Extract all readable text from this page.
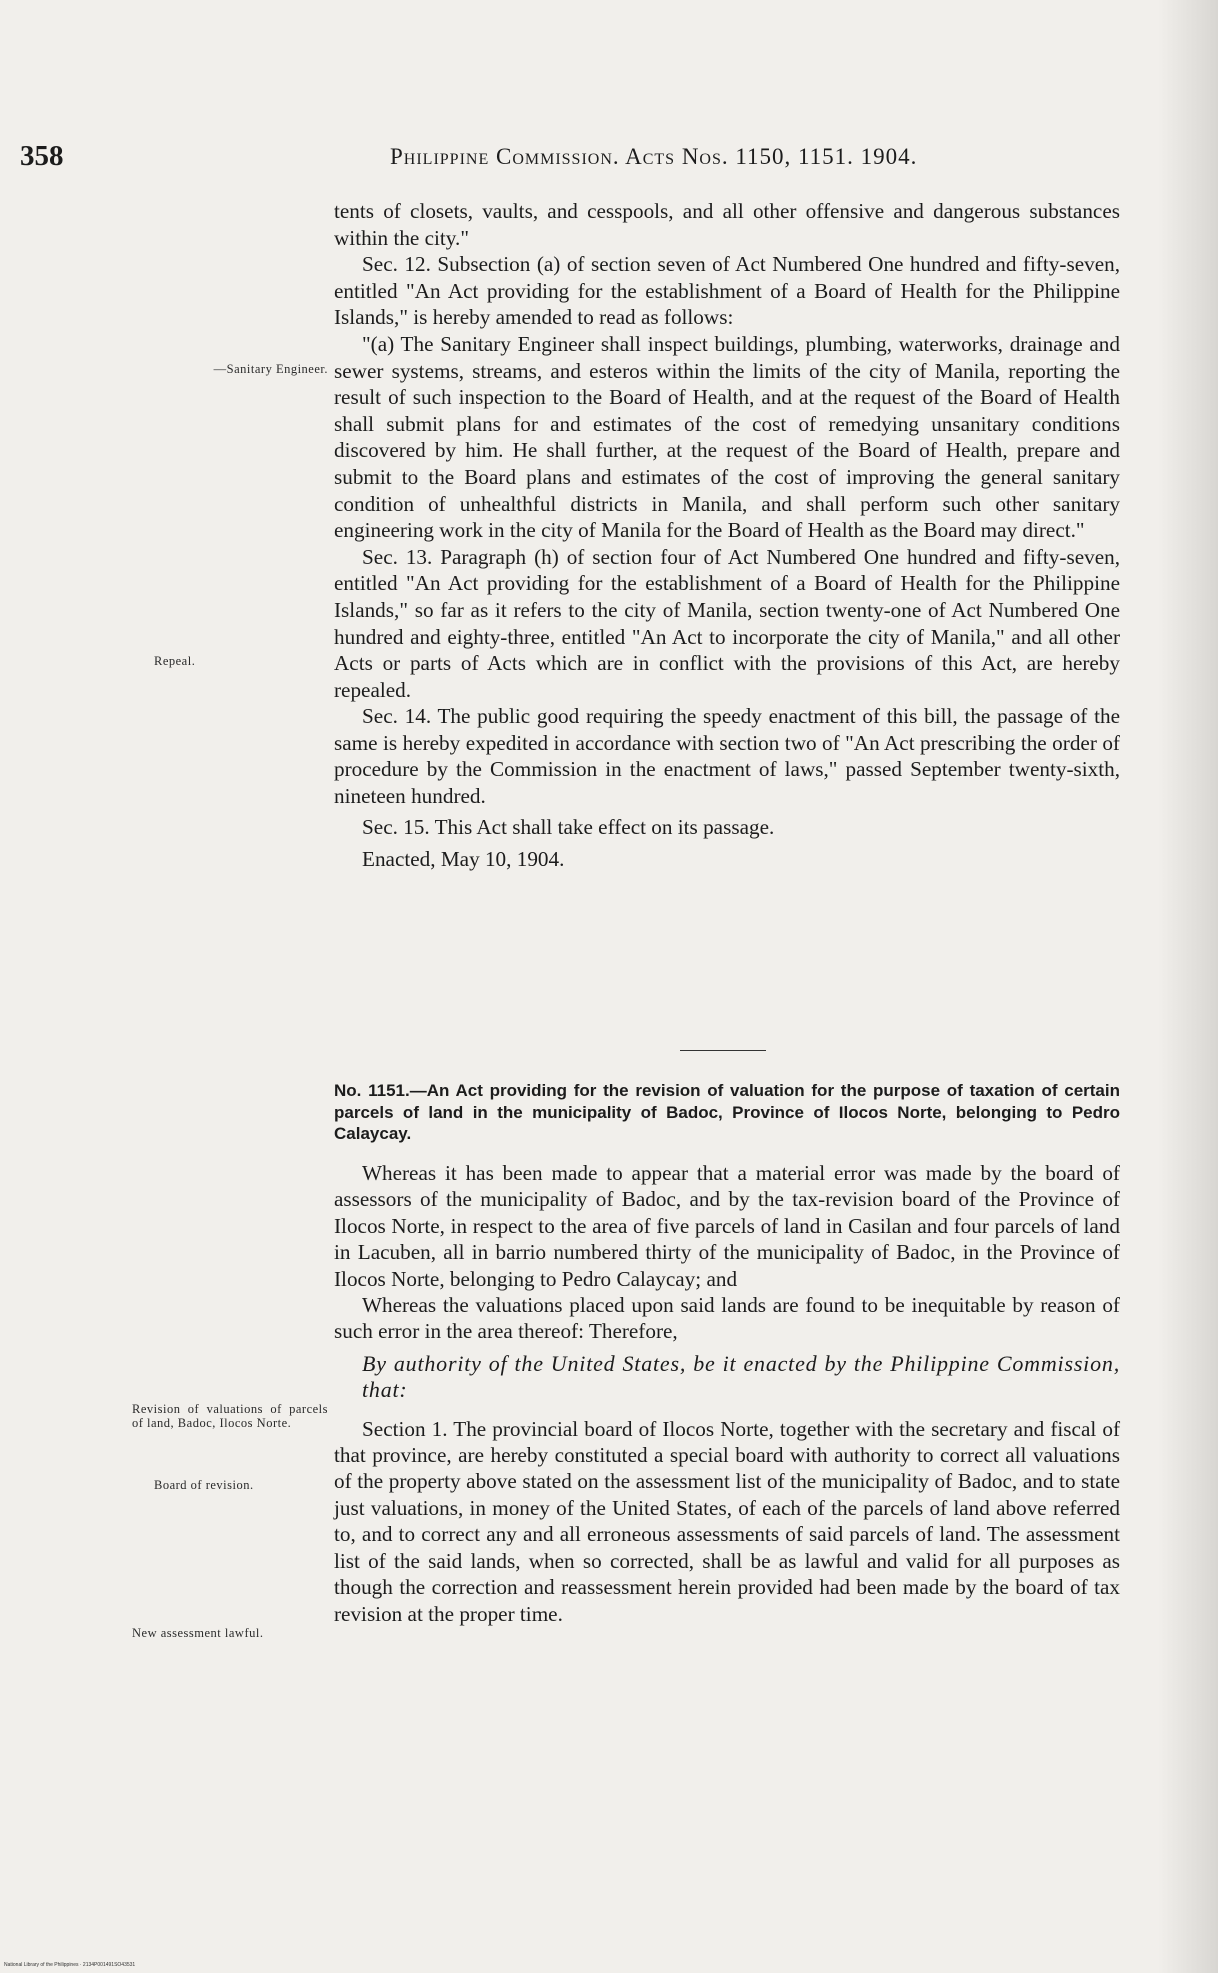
358	Philippine Commission. Acts Nos. 1150, 1151. 1904.
—Sanitary Engineer.
Repeal.
Revision of valuations of parcels of land, Badoc, Ilocos Norte.
Board of revision.
New assessment lawful.

tents of closets, vaults, and cesspools, and all other offensive and dangerous substances within the city."

Sec. 12. Subsection (a) of section seven of Act Numbered One hundred and fifty-seven, entitled "An Act providing for the establishment of a Board of Health for the Philippine Islands," is hereby amended to read as follows:

"(a) The Sanitary Engineer shall inspect buildings, plumbing, waterworks, drainage and sewer systems, streams, and esteros within the limits of the city of Manila, reporting the result of such inspection to the Board of Health, and at the request of the Board of Health shall submit plans for and estimates of the cost of remedying unsanitary conditions discovered by him. He shall further, at the request of the Board of Health, prepare and submit to the Board plans and estimates of the cost of improving the general sanitary condition of unhealthful districts in Manila, and shall perform such other sanitary engineering work in the city of Manila for the Board of Health as the Board may direct."

Sec. 13. Paragraph (h) of section four of Act Numbered One hundred and fifty-seven, entitled "An Act providing for the establishment of a Board of Health for the Philippine Islands," so far as it refers to the city of Manila, section twenty-one of Act Numbered One hundred and eighty-three, entitled "An Act to incorporate the city of Manila," and all other Acts or parts of Acts which are in conflict with the provisions of this Act, are hereby repealed.

Sec. 14. The public good requiring the speedy enactment of this bill, the passage of the same is hereby expedited in accordance with section two of "An Act prescribing the order of procedure by the Commission in the enactment of laws," passed September twenty-sixth, nineteen hundred.

Sec. 15. This Act shall take effect on its passage.

Enacted, May 10, 1904.

No. 1151.—An Act providing for the revision of valuation for the purpose of taxation of certain parcels of land in the municipality of Badoc, Province of Ilocos Norte, belonging to Pedro Calaycay.

Whereas it has been made to appear that a material error was made by the board of assessors of the municipality of Badoc, and by the tax-revision board of the Province of Ilocos Norte, in respect to the area of five parcels of land in Casilan and four parcels of land in Lacuben, all in barrio numbered thirty of the municipality of Badoc, in the Province of Ilocos Norte, belonging to Pedro Calaycay; and

Whereas the valuations placed upon said lands are found to be inequitable by reason of such error in the area thereof: Therefore,

By authority of the United States, be it enacted by the Philippine Commission, that:

Section 1. The provincial board of Ilocos Norte, together with the secretary and fiscal of that province, are hereby constituted a special board with authority to correct all valuations of the property above stated on the assessment list of the municipality of Badoc, and to state just valuations, in money of the United States, of each of the parcels of land above referred to, and to correct any and all erroneous assessments of said parcels of land. The assessment list of the said lands, when so corrected, shall be as lawful and valid for all purposes as though the correction and reassessment herein provided had been made by the board of tax revision at the proper time.

National Library of the Philippines · 2134P001491SO43531
